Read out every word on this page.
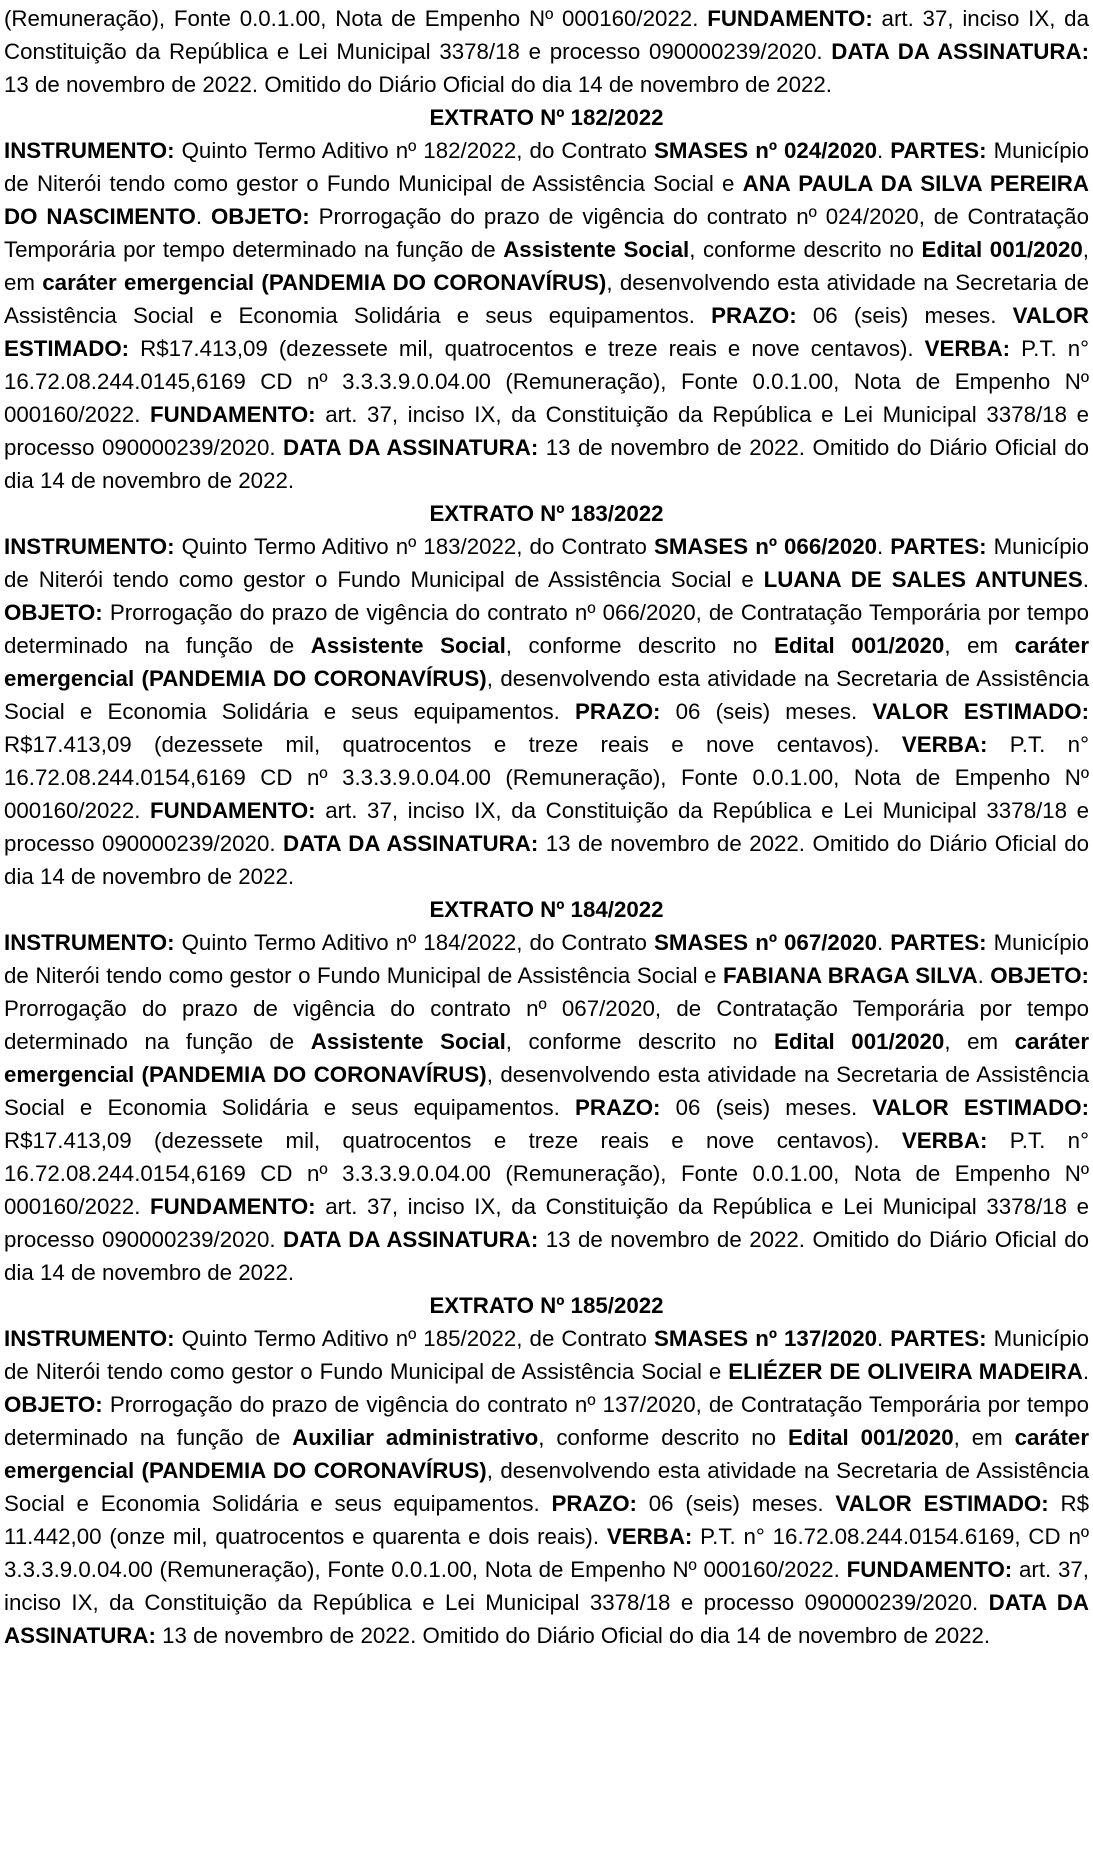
(Remuneração), Fonte 0.0.1.00, Nota de Empenho Nº 000160/2022. FUNDAMENTO: art. 37, inciso IX, da Constituição da República e Lei Municipal 3378/18 e processo 090000239/2020. DATA DA ASSINATURA: 13 de novembro de 2022. Omitido do Diário Oficial do dia 14 de novembro de 2022.

EXTRATO Nº 182/2022

INSTRUMENTO: Quinto Termo Aditivo nº 182/2022, do Contrato SMASES nº 024/2020. PARTES: Município de Niterói tendo como gestor o Fundo Municipal de Assistência Social e ANA PAULA DA SILVA PEREIRA DO NASCIMENTO. OBJETO: Prorrogação do prazo de vigência do contrato nº 024/2020, de Contratação Temporária por tempo determinado na função de Assistente Social, conforme descrito no Edital 001/2020, em caráter emergencial (PANDEMIA DO CORONAVÍRUS), desenvolvendo esta atividade na Secretaria de Assistência Social e Economia Solidária e seus equipamentos. PRAZO: 06 (seis) meses. VALOR ESTIMADO: R$17.413,09 (dezessete mil, quatrocentos e treze reais e nove centavos). VERBA: P.T. n° 16.72.08.244.0145,6169 CD nº 3.3.3.9.0.04.00 (Remuneração), Fonte 0.0.1.00, Nota de Empenho Nº 000160/2022. FUNDAMENTO: art. 37, inciso IX, da Constituição da República e Lei Municipal 3378/18 e processo 090000239/2020. DATA DA ASSINATURA: 13 de novembro de 2022. Omitido do Diário Oficial do dia 14 de novembro de 2022.

EXTRATO Nº 183/2022

INSTRUMENTO: Quinto Termo Aditivo nº 183/2022, do Contrato SMASES nº 066/2020. PARTES: Município de Niterói tendo como gestor o Fundo Municipal de Assistência Social e LUANA DE SALES ANTUNES. OBJETO: Prorrogação do prazo de vigência do contrato nº 066/2020, de Contratação Temporária por tempo determinado na função de Assistente Social, conforme descrito no Edital 001/2020, em caráter emergencial (PANDEMIA DO CORONAVÍRUS), desenvolvendo esta atividade na Secretaria de Assistência Social e Economia Solidária e seus equipamentos. PRAZO: 06 (seis) meses. VALOR ESTIMADO: R$17.413,09 (dezessete mil, quatrocentos e treze reais e nove centavos). VERBA: P.T. n° 16.72.08.244.0154,6169 CD nº 3.3.3.9.0.04.00 (Remuneração), Fonte 0.0.1.00, Nota de Empenho Nº 000160/2022. FUNDAMENTO: art. 37, inciso IX, da Constituição da República e Lei Municipal 3378/18 e processo 090000239/2020. DATA DA ASSINATURA: 13 de novembro de 2022. Omitido do Diário Oficial do dia 14 de novembro de 2022.

EXTRATO Nº 184/2022

INSTRUMENTO: Quinto Termo Aditivo nº 184/2022, do Contrato SMASES nº 067/2020. PARTES: Município de Niterói tendo como gestor o Fundo Municipal de Assistência Social e FABIANA BRAGA SILVA. OBJETO: Prorrogação do prazo de vigência do contrato nº 067/2020, de Contratação Temporária por tempo determinado na função de Assistente Social, conforme descrito no Edital 001/2020, em caráter emergencial (PANDEMIA DO CORONAVÍRUS), desenvolvendo esta atividade na Secretaria de Assistência Social e Economia Solidária e seus equipamentos. PRAZO: 06 (seis) meses. VALOR ESTIMADO: R$17.413,09 (dezessete mil, quatrocentos e treze reais e nove centavos). VERBA: P.T. n° 16.72.08.244.0154,6169 CD nº 3.3.3.9.0.04.00 (Remuneração), Fonte 0.0.1.00, Nota de Empenho Nº 000160/2022. FUNDAMENTO: art. 37, inciso IX, da Constituição da República e Lei Municipal 3378/18 e processo 090000239/2020. DATA DA ASSINATURA: 13 de novembro de 2022. Omitido do Diário Oficial do dia 14 de novembro de 2022.

EXTRATO Nº 185/2022

INSTRUMENTO: Quinto Termo Aditivo nº 185/2022, de Contrato SMASES nº 137/2020. PARTES: Município de Niterói tendo como gestor o Fundo Municipal de Assistência Social e ELIÉZER DE OLIVEIRA MADEIRA. OBJETO: Prorrogação do prazo de vigência do contrato nº 137/2020, de Contratação Temporária por tempo determinado na função de Auxiliar administrativo, conforme descrito no Edital 001/2020, em caráter emergencial (PANDEMIA DO CORONAVÍRUS), desenvolvendo esta atividade na Secretaria de Assistência Social e Economia Solidária e seus equipamentos. PRAZO: 06 (seis) meses. VALOR ESTIMADO: R$ 11.442,00 (onze mil, quatrocentos e quarenta e dois reais). VERBA: P.T. n° 16.72.08.244.0154.6169, CD nº 3.3.3.9.0.04.00 (Remuneração), Fonte 0.0.1.00, Nota de Empenho Nº 000160/2022. FUNDAMENTO: art. 37, inciso IX, da Constituição da República e Lei Municipal 3378/18 e processo 090000239/2020. DATA DA ASSINATURA: 13 de novembro de 2022. Omitido do Diário Oficial do dia 14 de novembro de 2022.
